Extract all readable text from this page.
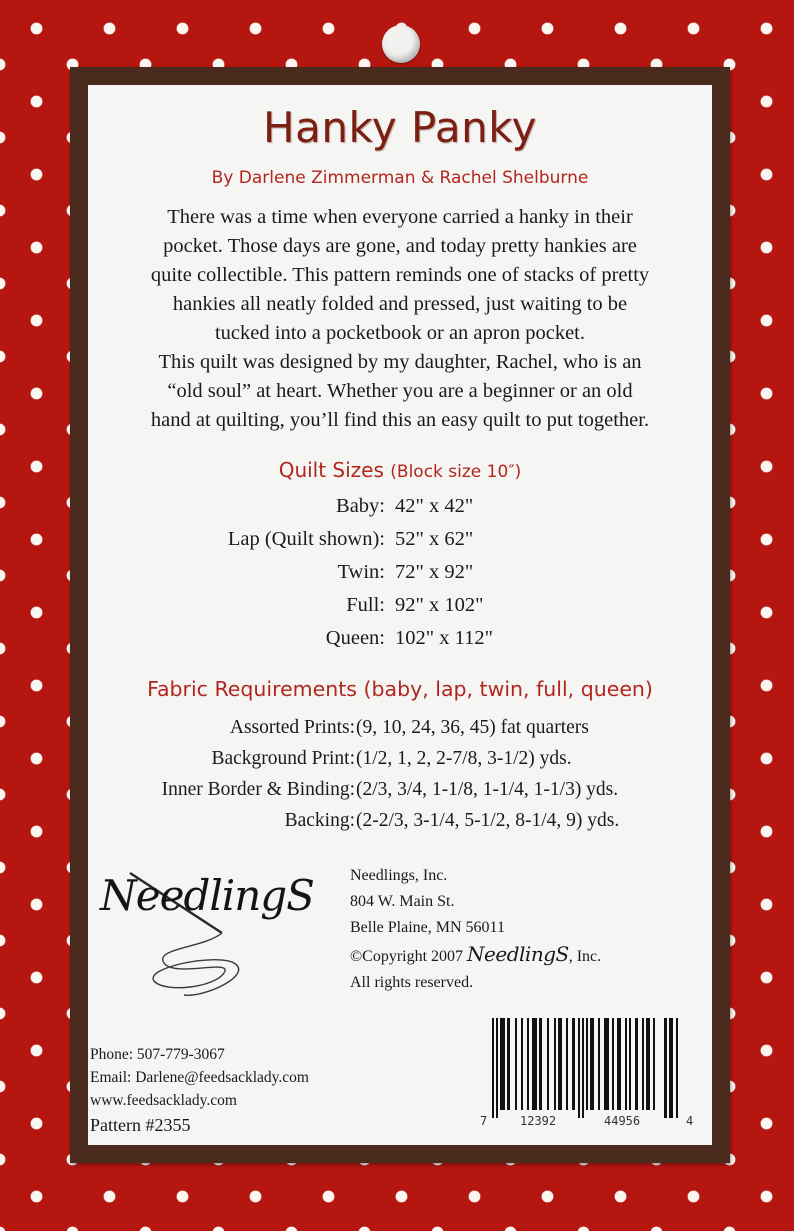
Hanky Panky
By Darlene Zimmerman & Rachel Shelburne

There was a time when everyone carried a hanky in their

pocket. Those days are gone, and today pretty hankies are

quite collectible. This pattern reminds one of stacks of pretty

hankies all neatly folded and pressed, just waiting to be

tucked into a pocketbook or an apron pocket.

This quilt was designed by my daughter, Rachel, who is an

“old soul” at heart. Whether you are a beginner or an old

hand at quilting, you’ll find this an easy quilt to put together.

Quilt Sizes (Block size 10″)
Baby: 42" x 42"
Lap (Quilt shown): 52" x 62"
Twin: 72" x 92"
Full: 92" x 102"
Queen: 102" x 112"
Fabric Requirements (baby, lap, twin, full, queen)
Assorted Prints: (9, 10, 24, 36, 45) fat quarters
Background Print: (1/2, 1, 2, 2-7/8, 3-1/2) yds.
Inner Border & Binding: (2/3, 3/4, 1-1/8, 1-1/4, 1-1/3) yds.
Backing: (2-2/3, 3-1/4, 5-1/2, 8-1/4, 9) yds.
NeedlingS Needlings, Inc.
804 W. Main St.
Belle Plaine, MN 56011
©Copyright 2007 NeedlingS, Inc.
All rights reserved.
Phone: 507-779-3067
Email: Darlene@feedsacklady.com
www.feedsacklady.com
Pattern #2355	7	12392	44956	4
